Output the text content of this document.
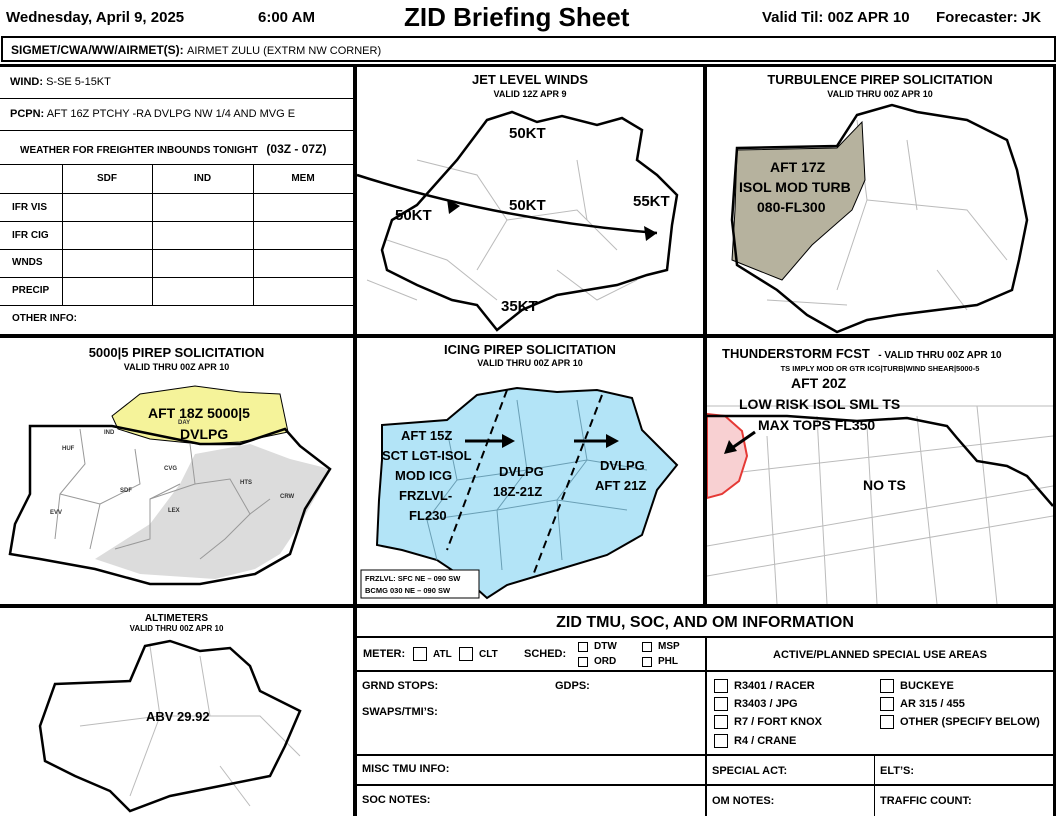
Wednesday, April 9, 2025	6:00 AM	ZID Briefing Sheet	Valid Til: 00Z APR 10 Forecaster: JK
SIGMET/CWA/WW/AIRMET(S): AIRMET ZULU (EXTRM NW CORNER)
WIND: S-SE 5-15KT
PCPN: AFT 16Z PTCHY -RA DVLPG NW 1/4 AND MVG E
WEATHER FOR FREIGHTER INBOUNDS TONIGHT (03Z - 07Z)
SDF	IND	MEM
IFR VIS
IFR CIG
WNDS
PRECIP
OTHER INFO:
JET LEVEL WINDS
VALID 12Z APR 9
50KT
50KT
50KT
55KT
35KT
TURBULENCE PIREP SOLICITATION
VALID THRU 00Z APR 10
AFT 17Z
ISOL MOD TURB
080-FL300
5000|5 PIREP SOLICITATION
VALID THRU 00Z APR 10
HUF
IND
DAY
CVG
SDF
LEX
HTS
CRW
EVV
AFT 18Z 5000|5
DVLPG
ICING PIREP SOLICITATION
VALID THRU 00Z APR 10
AFT 15Z
SCT LGT-ISOL
MOD ICG
FRZLVL-
FL230
DVLPG
18Z-21Z
DVLPG
AFT 21Z
FRZLVL: SFC NE – 090 SW
BCMG 030 NE – 090 SW
THUNDERSTORM FCST - VALID THRU 00Z APR 10
TS IMPLY MOD OR GTR ICG|TURB|WIND SHEAR|5000-5
AFT 20Z
LOW RISK ISOL SML TS
MAX TOPS FL350
NO TS
ALTIMETERS
VALID THRU 00Z APR 10
ABV 29.92
ZID TMU, SOC, AND OM INFORMATION
METER:	ATL	CLT SCHED:
DTW	MSP
ORD	PHL
ACTIVE/PLANNED SPECIAL USE AREAS
GRND STOPS:	GDPS:
SWAPS/TMI’S:
R3401 / RACER
R3403 / JPG
R7 / FORT KNOX
R4 / CRANE
BUCKEYE
AR 315 / 455
OTHER (SPECIFY BELOW)
MISC TMU INFO:	SPECIAL ACT:	ELT’S:
SOC NOTES:	OM NOTES:	TRAFFIC COUNT:
